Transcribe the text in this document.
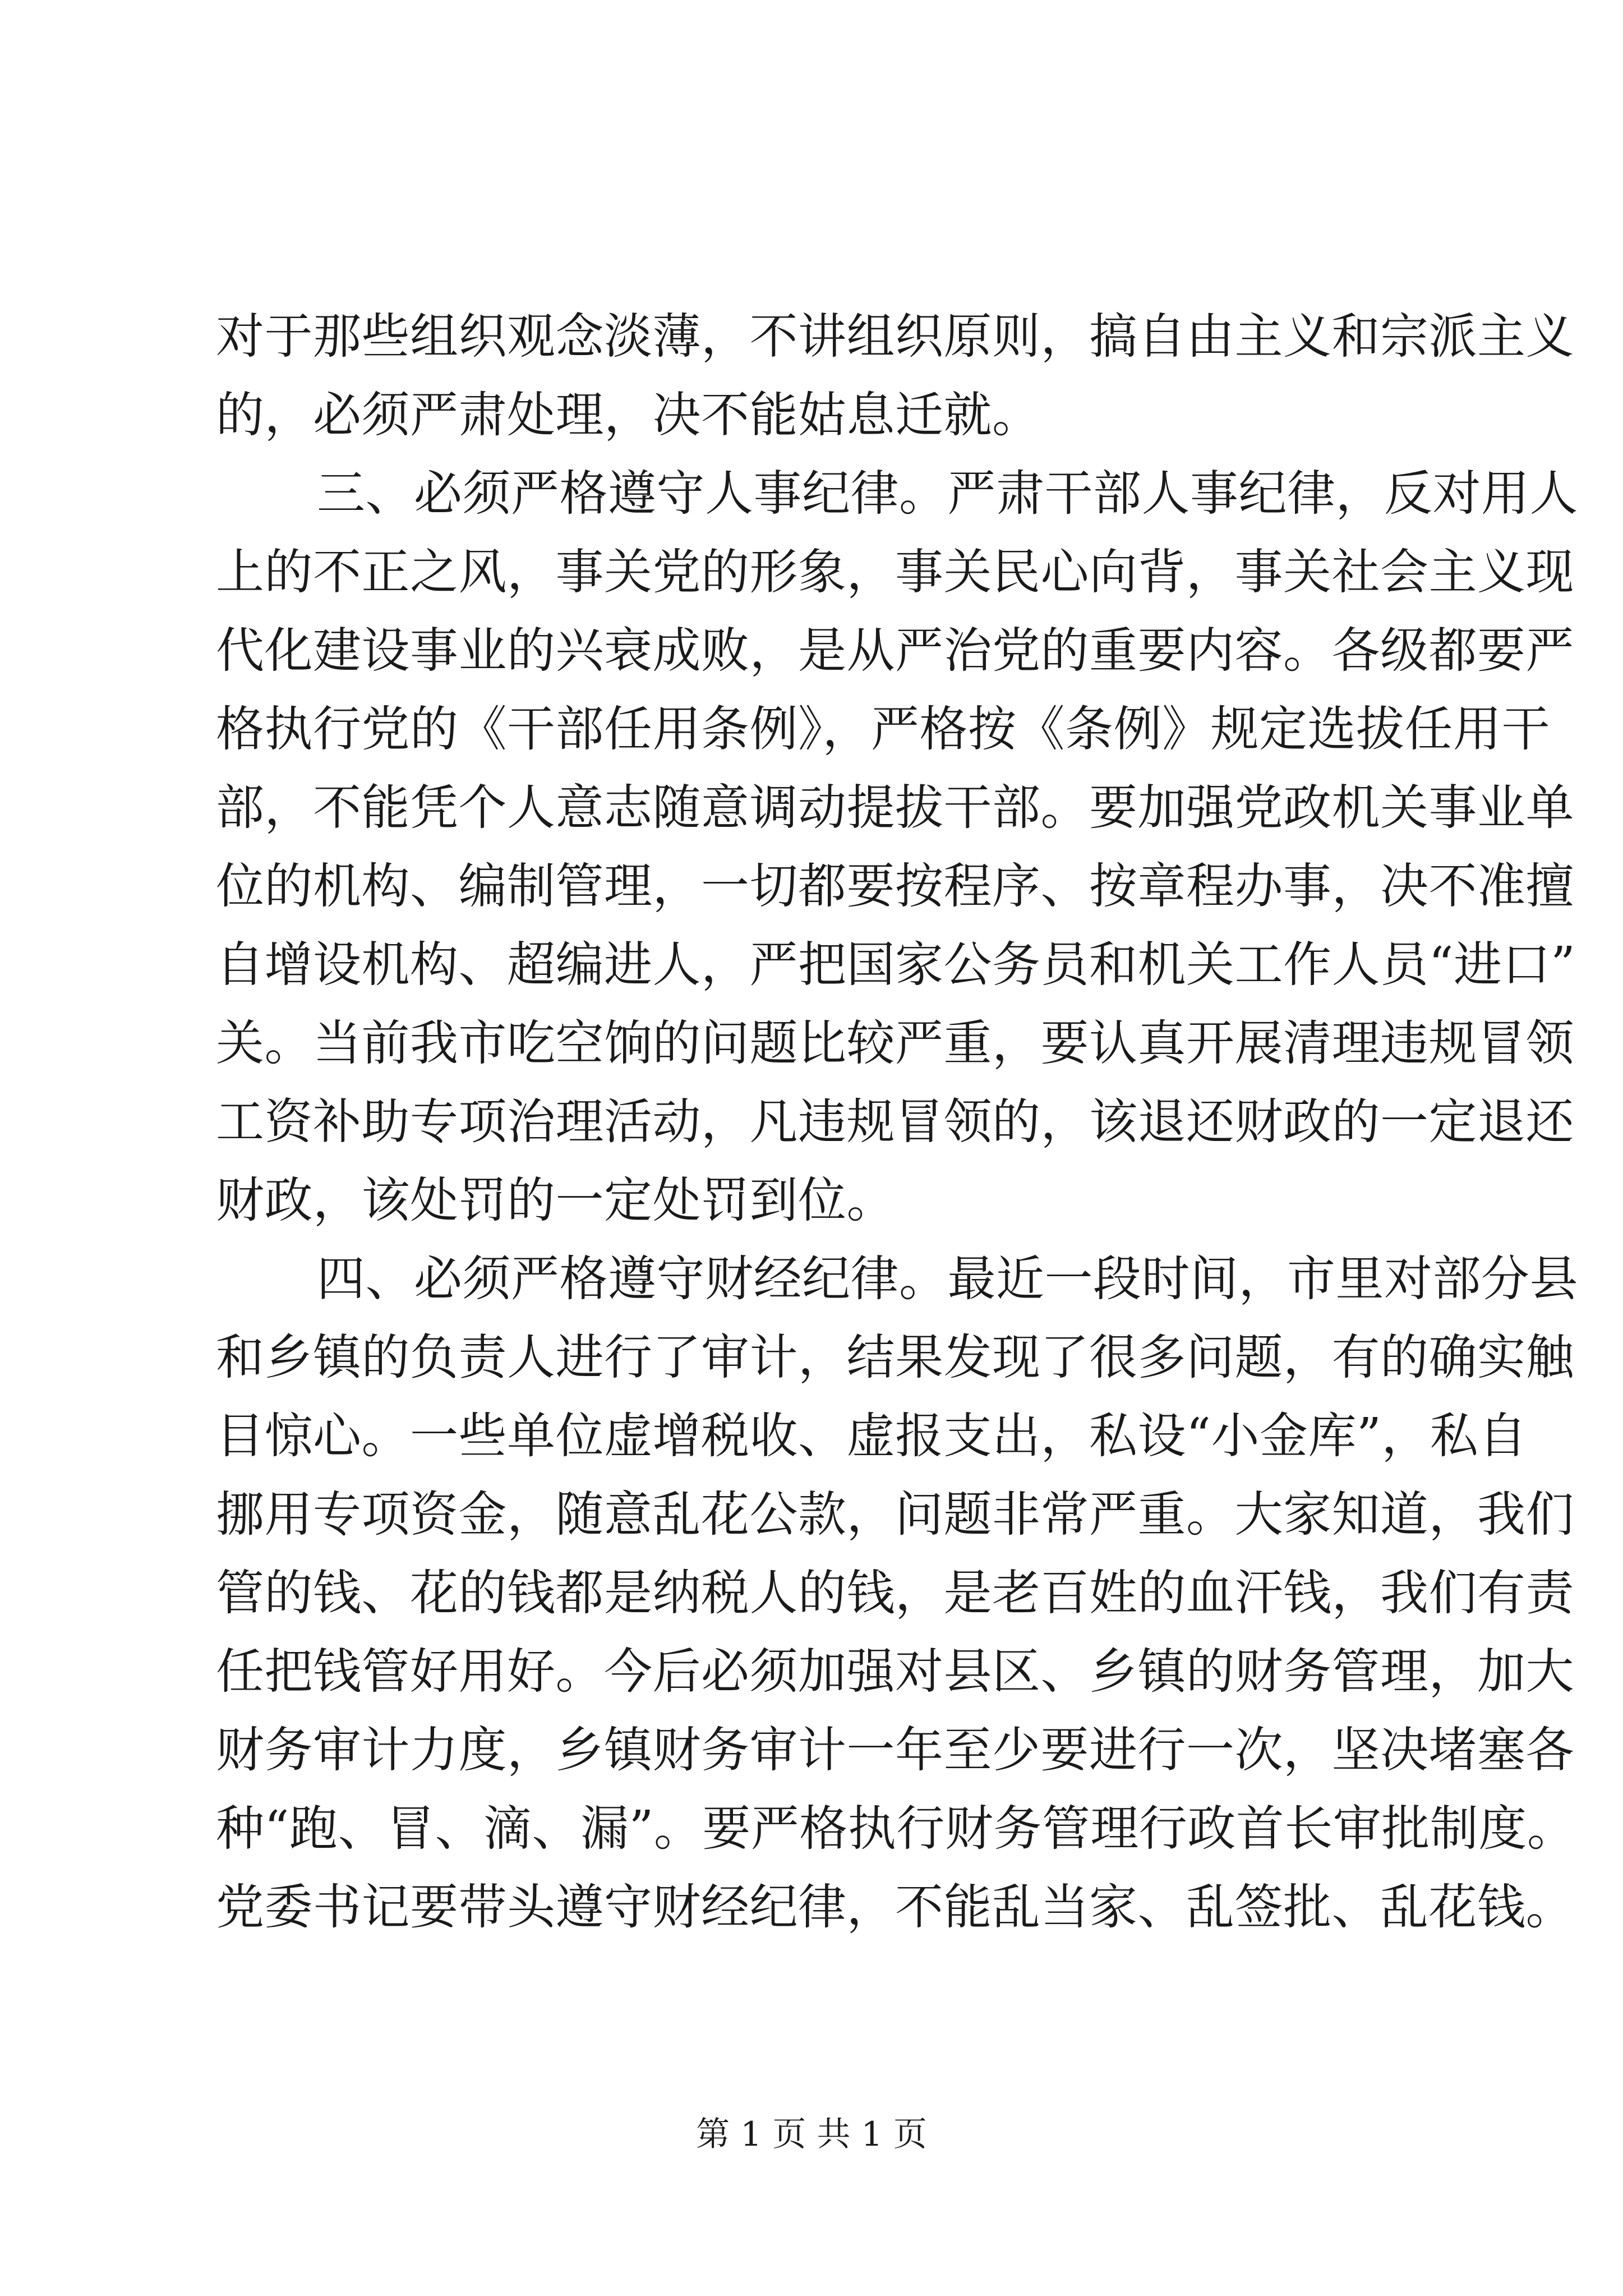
对于那些组织观念淡薄，不讲组织原则，搞自由主义和宗派主义
的，必须严肃处理，决不能姑息迁就。
三、必须严格遵守人事纪律。严肃干部人事纪律，反对用人
上的不正之风，事关党的形象，事关民心向背，事关社会主义现
代化建设事业的兴衰成败，是从严治党的重要内容。各级都要严
格执行党的《干部任用条例》，严格按《条例》规定选拔任用干
部，不能凭个人意志随意调动提拔干部。要加强党政机关事业单
位的机构、编制管理，一切都要按程序、按章程办事，决不准擅
自增设机构、超编进人，严把国家公务员和机关工作人员“进口”
关。当前我市吃空饷的问题比较严重，要认真开展清理违规冒领
工资补助专项治理活动，凡违规冒领的，该退还财政的一定退还
财政，该处罚的一定处罚到位。
四、必须严格遵守财经纪律。最近一段时间，市里对部分县
和乡镇的负责人进行了审计，结果发现了很多问题，有的确实触
目惊心。一些单位虚增税收、虚报支出，私设“小金库”，私自
挪用专项资金，随意乱花公款，问题非常严重。大家知道，我们
管的钱、花的钱都是纳税人的钱，是老百姓的血汗钱，我们有责
任把钱管好用好。今后必须加强对县区、乡镇的财务管理，加大
财务审计力度，乡镇财务审计一年至少要进行一次，坚决堵塞各
种“跑、冒、滴、漏”。要严格执行财务管理行政首长审批制度。
党委书记要带头遵守财经纪律，不能乱当家、乱签批、乱花钱。
第 1 页 共 1 页
